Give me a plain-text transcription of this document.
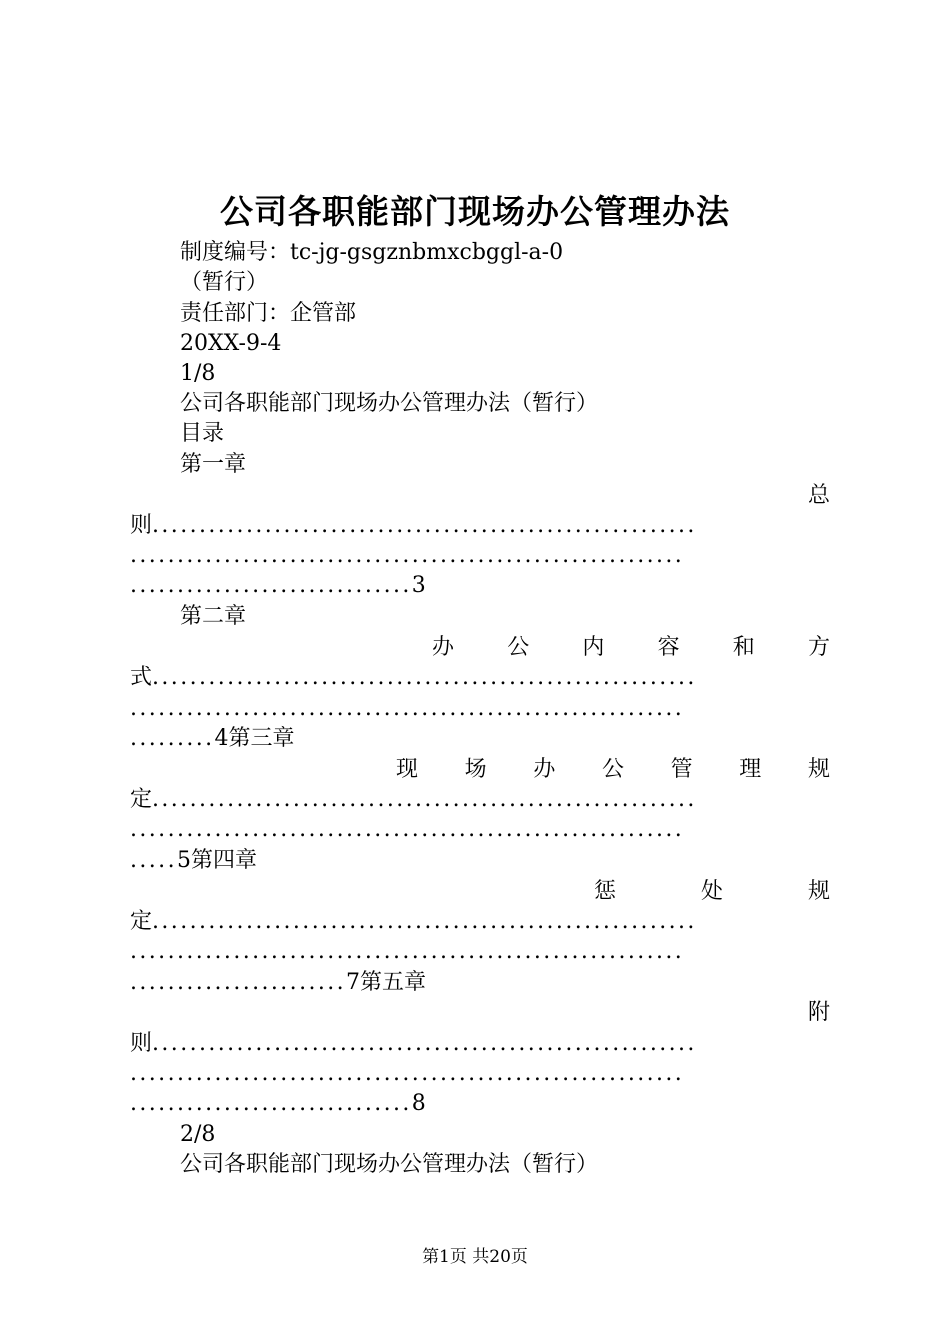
公司各职能部门现场办公管理办法
制度编号：tc-jg-gsgznbmxcbggl-a-0
（暂行）
责任部门：企管部
20XX-9-4
1/8
公司各职能部门现场办公管理办法（暂行）
目录
第一章
总
则..........................................................
...........................................................
..............................3
第二章
办 公 内 容 和 方
式..........................................................
...........................................................
.........4第三章
现 场 办 公 管 理 规
定..........................................................
...........................................................
.....5第四章
惩	处	规
定..........................................................
...........................................................
.......................7第五章
附
则..........................................................
...........................................................
..............................8
2/8
公司各职能部门现场办公管理办法（暂行）
第1页 共20页
